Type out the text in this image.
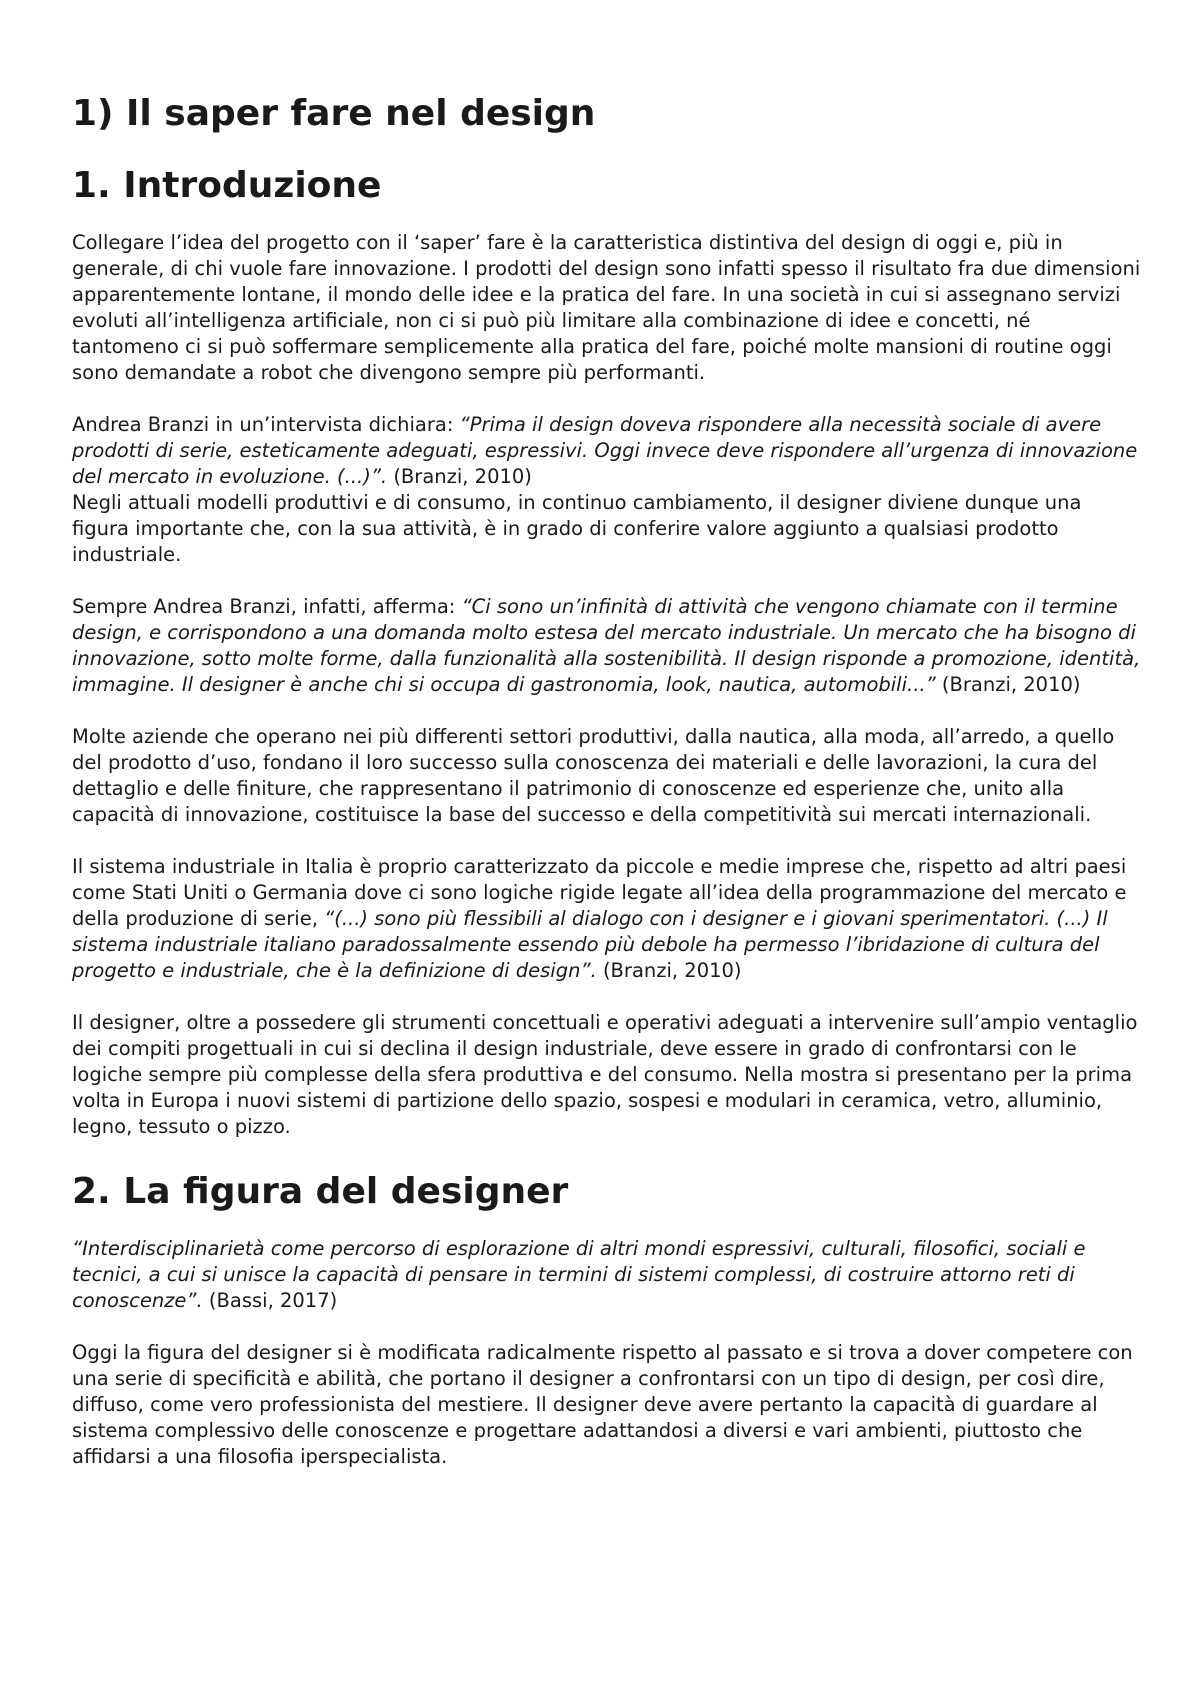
1) Il saper fare nel design
1. Introduzione

Collegare l’idea del progetto con il ‘saper’ fare è la caratteristica distintiva del design di oggi e, più in generale, di chi vuole fare innovazione. I prodotti del design sono infatti spesso il risultato fra due dimensioni apparentemente lontane, il mondo delle idee e la pratica del fare. In una società in cui si assegnano servizi evoluti all’intelligenza artificiale, non ci si può più limitare alla combinazione di idee e concetti, né tantomeno ci si può soffermare semplicemente alla pratica del fare, poiché molte mansioni di routine oggi sono demandate a robot che divengono sempre più performanti.

Andrea Branzi in un’intervista dichiara: “Prima il design doveva rispondere alla necessità sociale di avere prodotti di serie, esteticamente adeguati, espressivi. Oggi invece deve rispondere all’urgenza di innovazione del mercato in evoluzione. (...)”. (Branzi, 2010)

Negli attuali modelli produttivi e di consumo, in continuo cambiamento, il designer diviene dunque una figura importante che, con la sua attività, è in grado di conferire valore aggiunto a qualsiasi prodotto industriale.

Sempre Andrea Branzi, infatti, afferma: “Ci sono un’infinità di attività che vengono chiamate con il termine design, e corrispondono a una domanda molto estesa del mercato industriale. Un mercato che ha bisogno di innovazione, sotto molte forme, dalla funzionalità alla sostenibilità. Il design risponde a promozione, identità, immagine. Il designer è anche chi si occupa di gastronomia, look, nautica, automobili...” (Branzi, 2010)

Molte aziende che operano nei più differenti settori produttivi, dalla nautica, alla moda, all’arredo, a quello del prodotto d’uso, fondano il loro successo sulla conoscenza dei materiali e delle lavorazioni, la cura del dettaglio e delle finiture, che rappresentano il patrimonio di conoscenze ed esperienze che, unito alla capacità di innovazione, costituisce la base del successo e della competitività sui mercati internazionali.

Il sistema industriale in Italia è proprio caratterizzato da piccole e medie imprese che, rispetto ad altri paesi come Stati Uniti o Germania dove ci sono logiche rigide legate all’idea della programmazione del mercato e della produzione di serie, “(...) sono più flessibili al dialogo con i designer e i giovani sperimentatori. (...) Il sistema industriale italiano paradossalmente essendo più debole ha permesso l’ibridazione di cultura del progetto e industriale, che è la definizione di design”. (Branzi, 2010)

Il designer, oltre a possedere gli strumenti concettuali e operativi adeguati a intervenire sull’ampio ventaglio dei compiti progettuali in cui si declina il design industriale, deve essere in grado di confrontarsi con le logiche sempre più complesse della sfera produttiva e del consumo. Nella mostra si presentano per la prima volta in Europa i nuovi sistemi di partizione dello spazio, sospesi e modulari in ceramica, vetro, alluminio, legno, tessuto o pizzo.

2. La figura del designer

“Interdisciplinarietà come percorso di esplorazione di altri mondi espressivi, culturali, filosofici, sociali e tecnici, a cui si unisce la capacità di pensare in termini di sistemi complessi, di costruire attorno reti di conoscenze”. (Bassi, 2017)

Oggi la figura del designer si è modificata radicalmente rispetto al passato e si trova a dover competere con una serie di specificità e abilità, che portano il designer a confrontarsi con un tipo di design, per così dire, diffuso, come vero professionista del mestiere. Il designer deve avere pertanto la capacità di guardare al sistema complessivo delle conoscenze e progettare adattandosi a diversi e vari ambienti, piuttosto che affidarsi a una filosofia iperspecialista.
